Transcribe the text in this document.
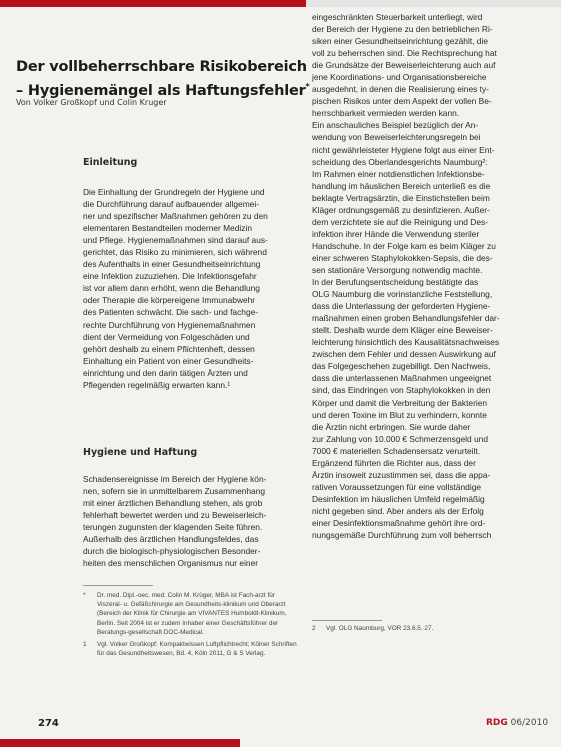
Der vollbeherrschbare Risikobereich
– Hygienemängel als Haftungsfehler*
Von Volker Großkopf und Colin Kruger
Einleitung

Die Einhaltung der Grundregeln der Hygiene und

die Durchführung darauf aufbauender allgemei-

ner und spezifischer Maßnahmen gehören zu den

elementaren Bestandteilen moderner Medizin

und Pflege. Hygienemaßnahmen sind darauf aus-

gerichtet, das Risiko zu minimieren, sich während

des Aufenthalts in einer Gesundheitseinrichtung

eine Infektion zuzuziehen. Die Infektionsgefahr

ist vor allem dann erhöht, wenn die Behandlung

oder Therapie die körpereigene Immunabwehr

des Patienten schwächt. Die sach- und fachge-

rechte Durchführung von Hygienemaßnahmen

dient der Vermeidung von Folgeschäden und

gehört deshalb zu einem Pflichtenheft, dessen

Einhaltung ein Patient von einer Gesundheits-

einrichtung und den darin tätigen Ärzten und

Pflegenden regelmäßig erwarten kann.¹

Hygiene und Haftung

Schadensereignisse im Bereich der Hygiene kön-

nen, sofern sie in unmittelbarem Zusammenhang

mit einer ärztlichen Behandlung stehen, als grob

fehlerhaft bewertet werden und zu Beweiserleich-

terungen zugunsten der klagenden Seite führen.

Außerhalb des ärztlichen Handlungsfeldes, das

durch die biologisch-physiologischen Besonder-

heiten des menschlichen Organismus nur einer

*	Dr. med. Dipl.-oec. med. Colin M. Krüger, MBA ist Fach-arzt für Viszeral- u. Gefäßchirurgie am Gesundheits-klinikum und Oberarzt (Bereich der Klinik für Chirurgie am VIVANTES Humboldt-Klinikum, Berlin. Seit 2004 ist er zudem Inhaber einer Geschäftsführer der Beratungs-gesellschaft DOC-Medical.
1	Vgl. Volker Großkopf: Kompaktwissen Luftpflichtrecht; Kölner Schriften für das Gesundheitswesen, Bd. 4, Köln 2011, G & S Verlag.

eingeschränkten Steuerbarkeit unterliegt, wird

der Bereich der Hygiene zu den betrieblichen Ri-

siken einer Gesundheitseinrichtung gezählt, die

voll zu beherrschen sind. Die Rechtsprechung hat

die Grundsätze der Beweiserleichterung auch auf

jene Koordinations- und Organisationsbereiche

ausgedehnt, in denen die Realisierung eines ty-

pischen Risikos unter dem Aspekt der vollen Be-

herrschbarkeit vermieden werden kann.

Ein anschauliches Beispiel bezüglich der An-

wendung von Beweiserleichterungsregeln bei

nicht gewährleisteter Hygiene folgt aus einer Ent-

scheidung des Oberlandesgerichts Naumburg²:

Im Rahmen einer notdienstlichen Infektionsbe-

handlung im häuslichen Bereich unterließ es die

beklagte Vertragsärztin, die Einstichstellen beim

Kläger ordnungsgemäß zu desinfizieren. Außer-

dem verzichtete sie auf die Reinigung und Des-

infektion ihrer Hände die Verwendung steriler

Handschuhe. In der Folge kam es beim Kläger zu

einer schweren Staphylokokken-Sepsis, die des-

sen stationäre Versorgung notwendig machte.

In der Berufungsentscheidung bestätigte das

OLG Naumburg die vorinstanzliche Feststellung,

dass die Unterlassung der geforderten Hygiene-

maßnahmen einen groben Behandlungsfehler dar-

stellt. Deshalb wurde dem Kläger eine Beweiser-

leichterung hinsichtlich des Kausalitätsnachweises

zwischen dem Fehler und dessen Auswirkung auf

das Folgegeschehen zugebilligt. Den Nachweis,

dass die unterlassenen Maßnahmen ungeeignet

sind, das Eindringen von Staphylokokken in den

Körper und damit die Verbreitung der Bakterien

und deren Toxine im Blut zu verhindern, konnte

die Ärztin nicht erbringen. Sie wurde daher

zur Zahlung von 10.000 € Schmerzensgeld und

7000 € materiellen Schadensersatz verurteilt.

Ergänzend führten die Richter aus, dass der

Ärztin insoweit zuzustimmen sei, dass die appa-

rativen Voraussetzungen für eine vollständige

Desinfektion im häuslichen Umfeld regelmäßig

nicht gegeben sind. Aber anders als der Erfolg

einer Desinfektionsmaßnahme gehört ihre ord-

nungsgemäße Durchführung zum voll beherrsch

2	Vgl. OLG Naumburg, VOR 23.6.5. 27.
274	RDG 06/2010
